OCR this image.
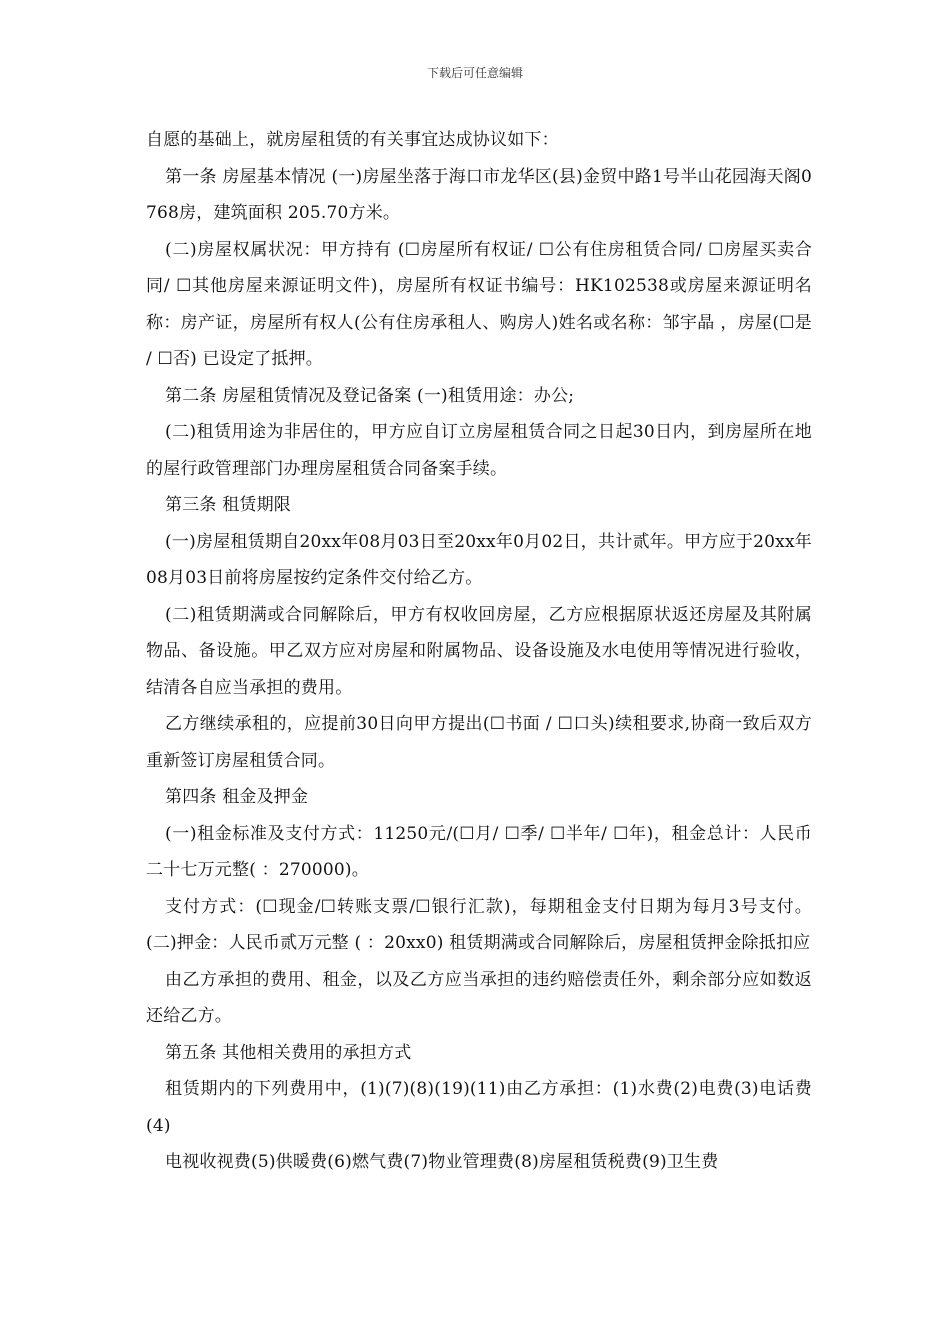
下载后可任意编辑

自愿的基础上，就房屋租赁的有关事宜达成协议如下：

第一条 房屋基本情况 (一)房屋坐落于海口市龙华区(县)金贸中路1号半山花园海天阁0768房，建筑面积 205.70方米。

(二)房屋权属状况：甲方持有 (☐房屋所有权证/ ☐公有住房租赁合同/ ☐房屋买卖合同/ ☐其他房屋来源证明文件)，房屋所有权证书编号：HK102538或房屋来源证明名称：房产证，房屋所有权人(公有住房承租人、购房人)姓名或名称：邹宇晶 ，房屋(☐是 / ☐否) 已设定了抵押。

第二条 房屋租赁情况及登记备案 (一)租赁用途：办公;

(二)租赁用途为非居住的，甲方应自订立房屋租赁合同之日起30日内，到房屋所在地的屋行政管理部门办理房屋租赁合同备案手续。

第三条 租赁期限

(一)房屋租赁期自20xx年08月03日至20xx年0月02日，共计贰年。甲方应于20xx年08月03日前将房屋按约定条件交付给乙方。

(二)租赁期满或合同解除后，甲方有权收回房屋，乙方应根据原状返还房屋及其附属物品、备设施。甲乙双方应对房屋和附属物品、设备设施及水电使用等情况进行验收，结清各自应当承担的费用。

乙方继续承租的，应提前30日向甲方提出(☐书面 / ☐口头)续租要求,协商一致后双方重新签订房屋租赁合同。

第四条 租金及押金

(一)租金标准及支付方式：11250元/(☐月/ ☐季/ ☐半年/ ☐年)，租金总计：人民币 二十七万元整( ：270000)。

支付方式：(☐现金/☐转账支票/☐银行汇款)，每期租金支付日期为每月3号支付。 (二)押金：人民币贰万元整 ( ：20xx0) 租赁期满或合同解除后，房屋租赁押金除抵扣应

由乙方承担的费用、租金，以及乙方应当承担的违约赔偿责任外，剩余部分应如数返还给乙方。

第五条 其他相关费用的承担方式

租赁期内的下列费用中，(1)(7)(8)(19)(11)由乙方承担：(1)水费(2)电费(3)电话费(4)

电视收视费(5)供暖费(6)燃气费(7)物业管理费(8)房屋租赁税费(9)卫生费
